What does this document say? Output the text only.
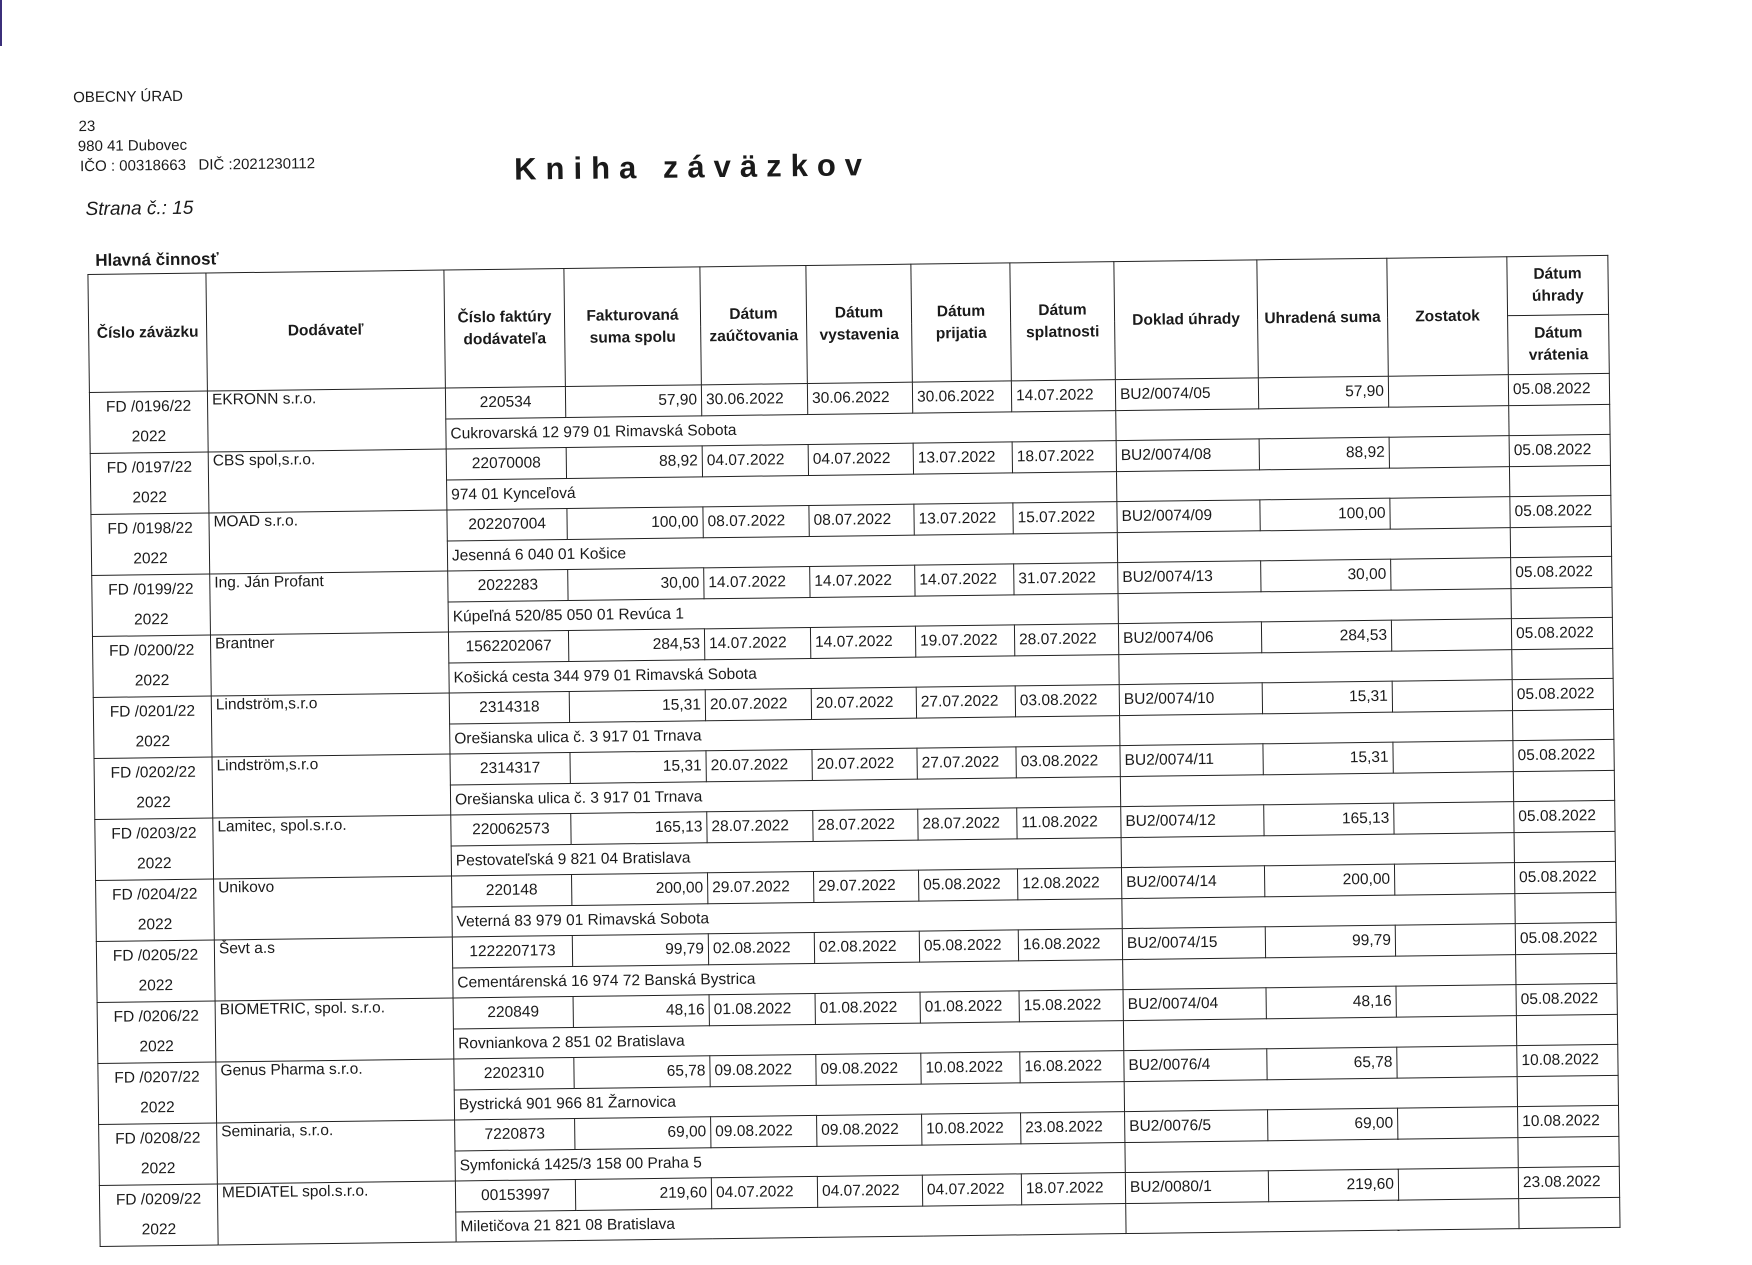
OBECNY ÚRAD
23
980 41 Dubovec
IČO : 00318663 DIČ :2021230112
Strana č.: 15
Kniha záväzkov
Hlavná činnosť
Číslo záväzku	Dodávateľ	Číslo faktúry dodávateľa	Fakturovaná suma spolu	Dátum zaúčtovania	Dátum vystavenia	Dátum prijatia	Dátum splatnosti	Doklad úhrady	Uhradená suma	Zostatok	Dátum úhrady
											Dátum vrátenia

FD /0196/22
2022	EKRONN s.r.o.	220534	57,90	30.06.2022	30.06.2022	30.06.2022	14.07.2022	BU2/0074/05	57,90		05.08.2022
		Cukrovarská 12 979 01 Rimavská Sobota									

FD /0197/22
2022	CBS spol,s.r.o.	22070008	88,92	04.07.2022	04.07.2022	13.07.2022	18.07.2022	BU2/0074/08	88,92		05.08.2022
		974 01 Kynceľová									

FD /0198/22
2022	MOAD s.r.o.	202207004	100,00	08.07.2022	08.07.2022	13.07.2022	15.07.2022	BU2/0074/09	100,00		05.08.2022
		Jesenná 6 040 01 Košice									

FD /0199/22
2022	Ing. Ján Profant	2022283	30,00	14.07.2022	14.07.2022	14.07.2022	31.07.2022	BU2/0074/13	30,00		05.08.2022
		Kúpeľná 520/85 050 01 Revúca 1									

FD /0200/22
2022	Brantner	1562202067	284,53	14.07.2022	14.07.2022	19.07.2022	28.07.2022	BU2/0074/06	284,53		05.08.2022
		Košická cesta 344 979 01 Rimavská Sobota									

FD /0201/22
2022	Lindström,s.r.o	2314318	15,31	20.07.2022	20.07.2022	27.07.2022	03.08.2022	BU2/0074/10	15,31		05.08.2022
		Orešianska ulica č. 3 917 01 Trnava									

FD /0202/22
2022	Lindström,s.r.o	2314317	15,31	20.07.2022	20.07.2022	27.07.2022	03.08.2022	BU2/0074/11	15,31		05.08.2022
		Orešianska ulica č. 3 917 01 Trnava									

FD /0203/22
2022	Lamitec, spol.s.r.o.	220062573	165,13	28.07.2022	28.07.2022	28.07.2022	11.08.2022	BU2/0074/12	165,13		05.08.2022
		Pestovateľská 9 821 04 Bratislava									

FD /0204/22
2022	Unikovo	220148	200,00	29.07.2022	29.07.2022	05.08.2022	12.08.2022	BU2/0074/14	200,00		05.08.2022
		Veterná 83 979 01 Rimavská Sobota									

FD /0205/22
2022	Ševt a.s	1222207173	99,79	02.08.2022	02.08.2022	05.08.2022	16.08.2022	BU2/0074/15	99,79		05.08.2022
		Cementárenská 16 974 72 Banská Bystrica									

FD /0206/22
2022	BIOMETRIC, spol. s.r.o.	220849	48,16	01.08.2022	01.08.2022	01.08.2022	15.08.2022	BU2/0074/04	48,16		05.08.2022
		Rovniankova 2 851 02 Bratislava									

FD /0207/22
2022	Genus Pharma s.r.o.	2202310	65,78	09.08.2022	09.08.2022	10.08.2022	16.08.2022	BU2/0076/4	65,78		10.08.2022
		Bystrická 901 966 81 Žarnovica									

FD /0208/22
2022	Seminaria, s.r.o.	7220873	69,00	09.08.2022	09.08.2022	10.08.2022	23.08.2022	BU2/0076/5	69,00		10.08.2022
		Symfonická 1425/3 158 00 Praha 5									

FD /0209/22
2022	MEDIATEL spol.s.r.o.	00153997	219,60	04.07.2022	04.07.2022	04.07.2022	18.07.2022	BU2/0080/1	219,60		23.08.2022
		Miletičova 21 821 08 Bratislava									
